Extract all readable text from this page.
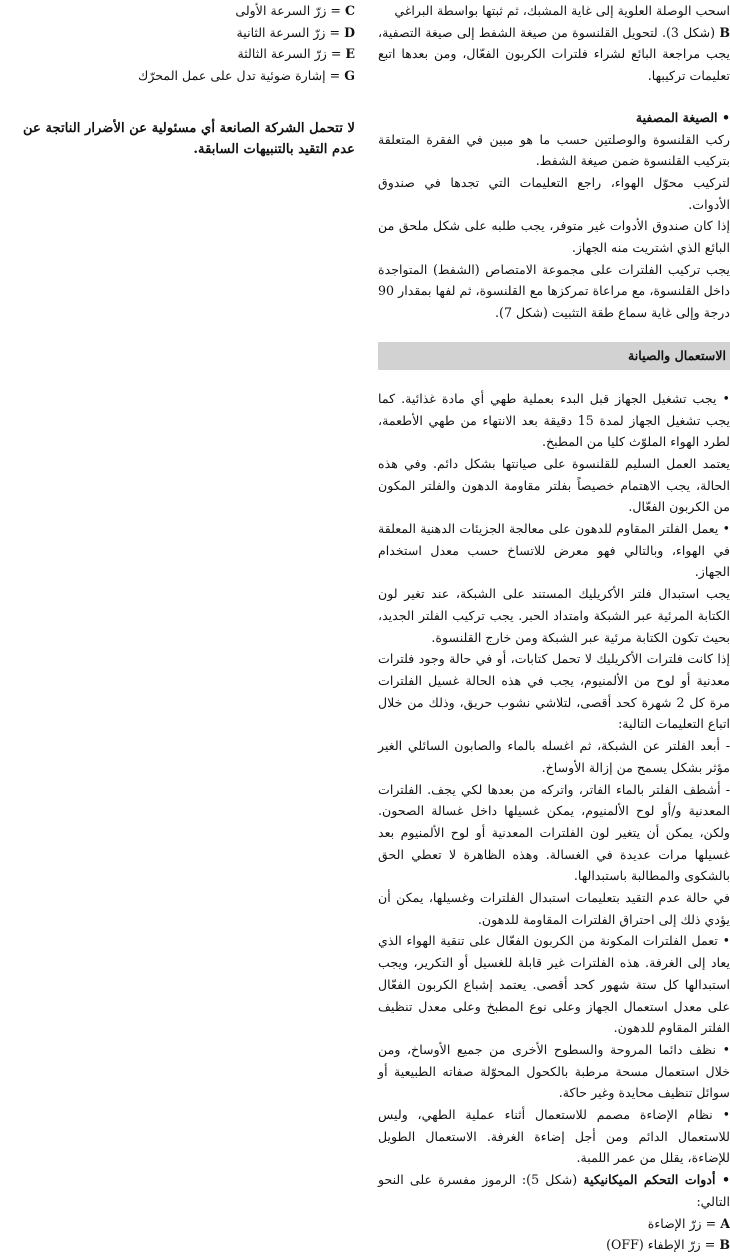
اسحب الوصلة العلوية إلى غاية المشبك، ثم ثبتها بواسطة البراغي

B (شكل 3). لتحويل القلنسوة من صيغة الشفط إلى صيغة التصفية، يجب مراجعة البائع لشراء فلترات الكربون الفعّال، ومن بعدها اتبع تعليمات تركيبها.

• الصيغة المصفية

ركب القلنسوة والوصلتين حسب ما هو مبين في الفقرة المتعلقة بتركيب القلنسوة ضمن صيغة الشفط.

لتركيب محوّل الهواء، راجع التعليمات التي تجدها في صندوق الأدوات.

إذا كان صندوق الأدوات غير متوفر، يجب طلبه على شكل ملحق من البائع الذي اشتريت منه الجهاز.

يجب تركيب الفلترات على مجموعة الامتصاص (الشفط) المتواجدة داخل القلنسوة، مع مراعاة تمركزها مع القلنسوة، ثم لفها بمقدار 90 درجة وإلى غاية سماع طقة التثبيت (شكل 7).

الاستعمال والصيانة

• يجب تشغيل الجهاز قبل البدء بعملية طهي أي مادة غذائية. كما يجب تشغيل الجهاز لمدة 15 دقيقة بعد الانتهاء من طهي الأطعمة، لطرد الهواء الملوّث كليا من المطبخ.

يعتمد العمل السليم للقلنسوة على صيانتها بشكل دائم. وفي هذه الحالة، يجب الاهتمام خصيصاً بفلتر مقاومة الدهون والفلتر المكون من الكربون الفعّال.

• يعمل الفلتر المقاوم للدهون على معالجة الجزيئات الدهنية المعلقة في الهواء، وبالتالي فهو معرض للاتساخ حسب معدل استخدام الجهاز.

يجب استبدال فلتر الأكريليك المستند على الشبكة، عند تغير لون الكتابة المرئية عبر الشبكة وامتداد الحبر. يجب تركيب الفلتر الجديد، بحيث تكون الكتابة مرئية عبر الشبكة ومن خارج القلنسوة.

إذا كانت فلترات الأكريليك لا تحمل كتابات، أو في حالة وجود فلترات معدنية أو لوح من الألمنيوم، يجب في هذه الحالة غسيل الفلترات مرة كل 2 شهرة كحد أقصى، لتلاشي نشوب حريق، وذلك من خلال اتباع التعليمات التالية:

- أبعد الفلتر عن الشبكة، ثم اغسله بالماء والصابون السائلي الغير مؤثر بشكل يسمح من إزالة الأوساخ.

- أشطف الفلتر بالماء الفاتر، واتركه من بعدها لكي يجف. الفلترات المعدنية و/أو لوح الألمنيوم، يمكن غسيلها داخل غسالة الصحون. ولكن، يمكن أن يتغير لون الفلترات المعدنية أو لوح الألمنيوم بعد غسيلها مرات عديدة في الغسالة. وهذه الظاهرة لا تعطي الحق بالشكوى والمطالبة باستبدالها.

في حالة عدم التقيد بتعليمات استبدال الفلترات وغسيلها، يمكن أن يؤدي ذلك إلى احتراق الفلترات المقاومة للدهون.

• تعمل الفلترات المكونة من الكربون الفعّال على تنقية الهواء الذي يعاد إلى الغرفة. هذه الفلترات غير قابلة للغسيل أو التكرير، ويجب استبدالها كل ستة شهور كحد أقصى. يعتمد إشباع الكربون الفعّال على معدل استعمال الجهاز وعلى نوع المطبخ وعلى معدل تنظيف الفلتر المقاوم للدهون.

• نظف دائما المروحة والسطوح الأخرى من جميع الأوساخ، ومن خلال استعمال مسحة مرطبة بالكحول المحوّلة صفاته الطبيعية أو سوائل تنظيف محايدة وغير حاكة.

• نظام الإضاءة مصمم للاستعمال أثناء عملية الطهي، وليس للاستعمال الدائم ومن أجل إضاءة الغرفة. الاستعمال الطويل للإضاءة، يقلل من عمر اللمبة.

• أدوات التحكم الميكانيكية (شكل 5): الرموز مفسرة على النحو التالي:

A = زرّ الإضاءة

B = زرّ الإطفاء (OFF)

C = زرّ السرعة الأولى
D = زرّ السرعة الثانية
E = زرّ السرعة الثالثة
G = إشارة ضوئية تدل على عمل المحرّك

لا تتحمل الشركة الصانعة أي مسئولية عن الأضرار الناتجة عن عدم التقيد بالتنبيهات السابقة.
